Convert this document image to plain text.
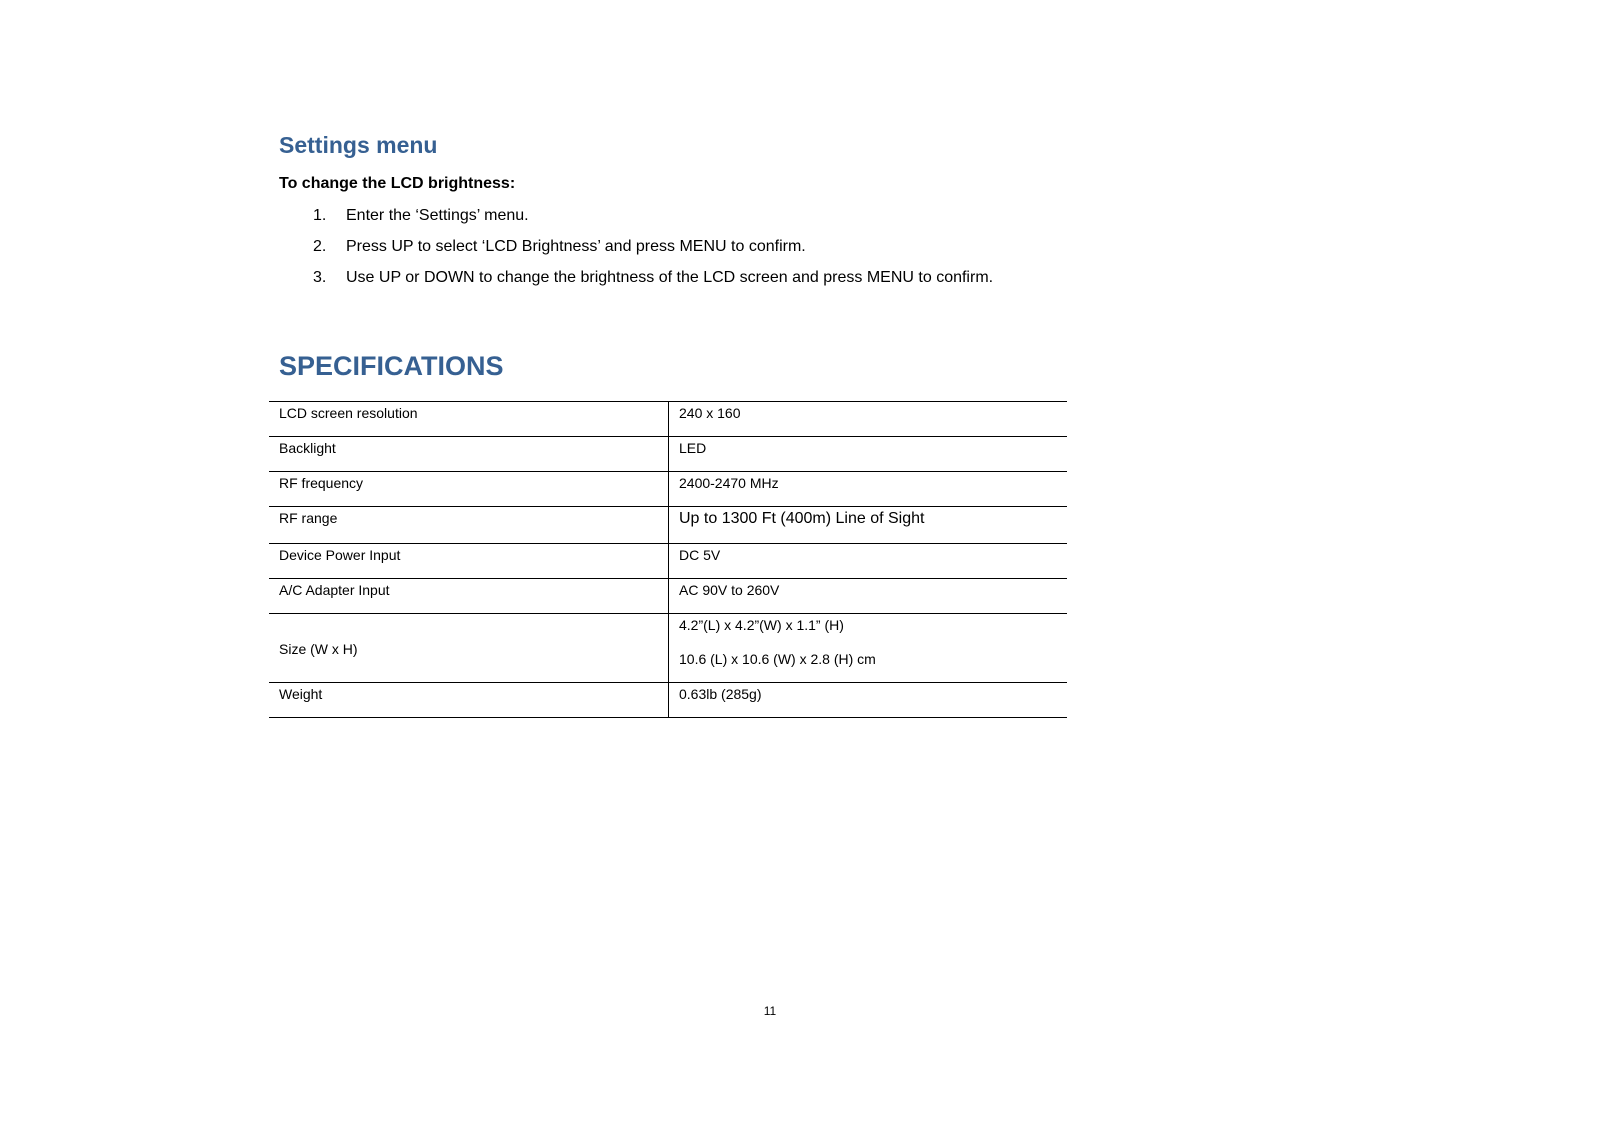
Settings menu
To change the LCD brightness:
1. Enter the ‘Settings’ menu.
2. Press UP to select ‘LCD Brightness’ and press MENU to confirm.
3. Use UP or DOWN to change the brightness of the LCD screen and press MENU to confirm.
SPECIFICATIONS
LCD screen resolution	240 x 160

Backlight	LED

RF frequency	2400-2470 MHz

RF range	Up to 1300 Ft (400m) Line of Sight

Device Power Input	DC 5V

A/C Adapter Input	AC 90V to 260V

Size (W x H)	4.2”(L) x 4.2”(W) x 1.1” (H)
10.6 (L) x 10.6 (W) x 2.8 (H) cm

Weight	0.63lb (285g)
11
